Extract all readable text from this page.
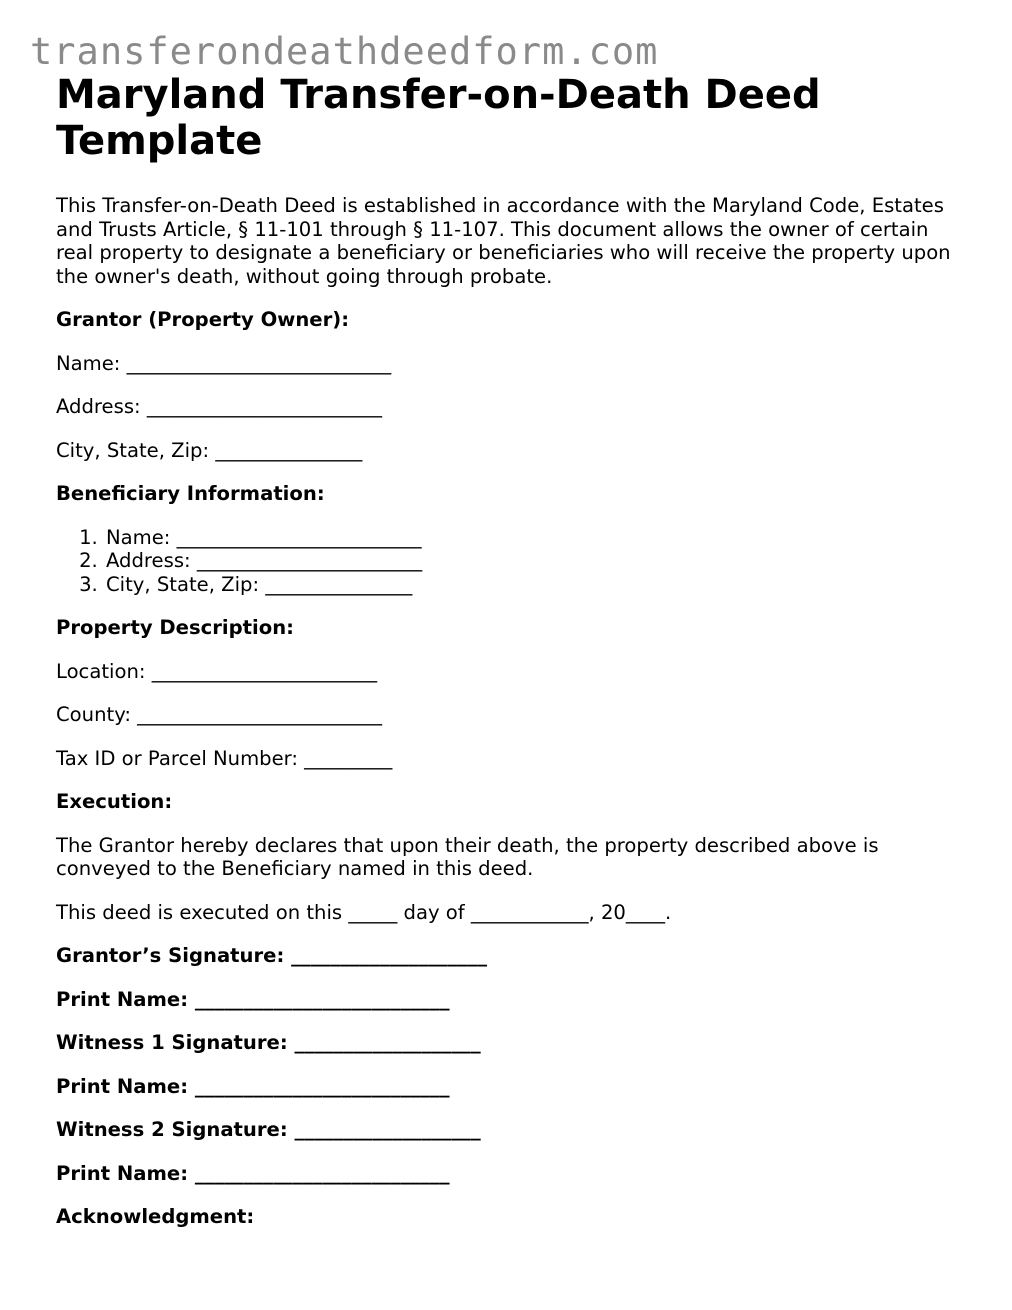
transferondeathdeedform.com
Maryland Transfer-on-Death Deed Template

This Transfer-on-Death Deed is established in accordance with the Maryland Code, Estates and Trusts Article, § 11-101 through § 11-107. This document allows the owner of certain real property to designate a beneficiary or beneficiaries who will receive the property upon the owner's death, without going through probate.

Grantor (Property Owner):

Name: ___________________________

Address: ________________________

City, State, Zip: _______________

Beneficiary Information:

1. Name: _________________________
2. Address: _______________________
3. City, State, Zip: _______________

Property Description:

Location: _______________________

County: _________________________

Tax ID or Parcel Number: _________

Execution:

The Grantor hereby declares that upon their death, the property described above is conveyed to the Beneficiary named in this deed.

This deed is executed on this _____ day of ____________, 20____.

Grantor’s Signature: ____________________

Print Name: __________________________

Witness 1 Signature: ___________________

Print Name: __________________________

Witness 2 Signature: ___________________

Print Name: __________________________

Acknowledgment:
